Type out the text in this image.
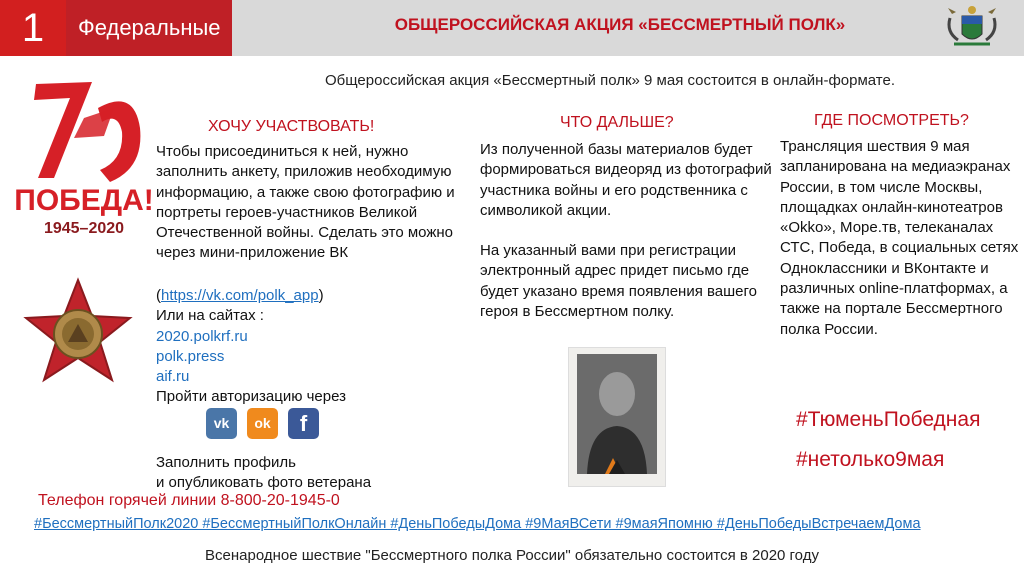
1	Федеральные	ОБЩЕРОССИЙСКАЯ АКЦИЯ «БЕССМЕРТНЫЙ ПОЛК»
Общероссийская акция «Бессмертный полк» 9 мая состоится в онлайн-формате.
ПОБЕДА!
1945–2020
ХОЧУ УЧАСТВОВАТЬ!
Чтобы присоединиться к ней, нужно заполнить анкету, приложив необходимую информацию, а также свою фотографию и портреты героев-участников Великой Отечественной войны. Сделать это можно через мини-приложение ВК
(https://vk.com/polk_app)
Или на сайтах :
2020.polkrf.ru
polk.press
aif.ru
Пройти авторизацию через
vk ok f
Заполнить профиль
и опубликовать фото ветерана
ЧТО ДАЛЬШЕ?
Из полученной базы материалов будет формироваться видеоряд из фотографий участника войны и его родственника с символикой акции.
На указанный вами при регистрации электронный адрес придет письмо где будет указано время появления вашего героя в Бессмертном полку.
ГДЕ ПОСМОТРЕТЬ?
Трансляция шествия 9 мая запланирована на медиаэкранах России, в том числе Москвы, площадках онлайн-кинотеатров «Okko», Море.тв, телеканалах СТС, Победа, в социальных сетях Одноклассники и ВКонтакте и различных online-платформах, а также на портале Бессмертного полка России.
#ТюменьПобедная
#нетолько9мая
Телефон горячей линии 8-800-20-1945-0
#БессмертныйПолк2020 #БессмертныйПолкОнлайн #ДеньПобедыДома #9МаяВСети #9маяЯпомню #ДеньПобедыВстречаемДома
Всенародное шествие "Бессмертного полка России" обязательно состоится в 2020 году
